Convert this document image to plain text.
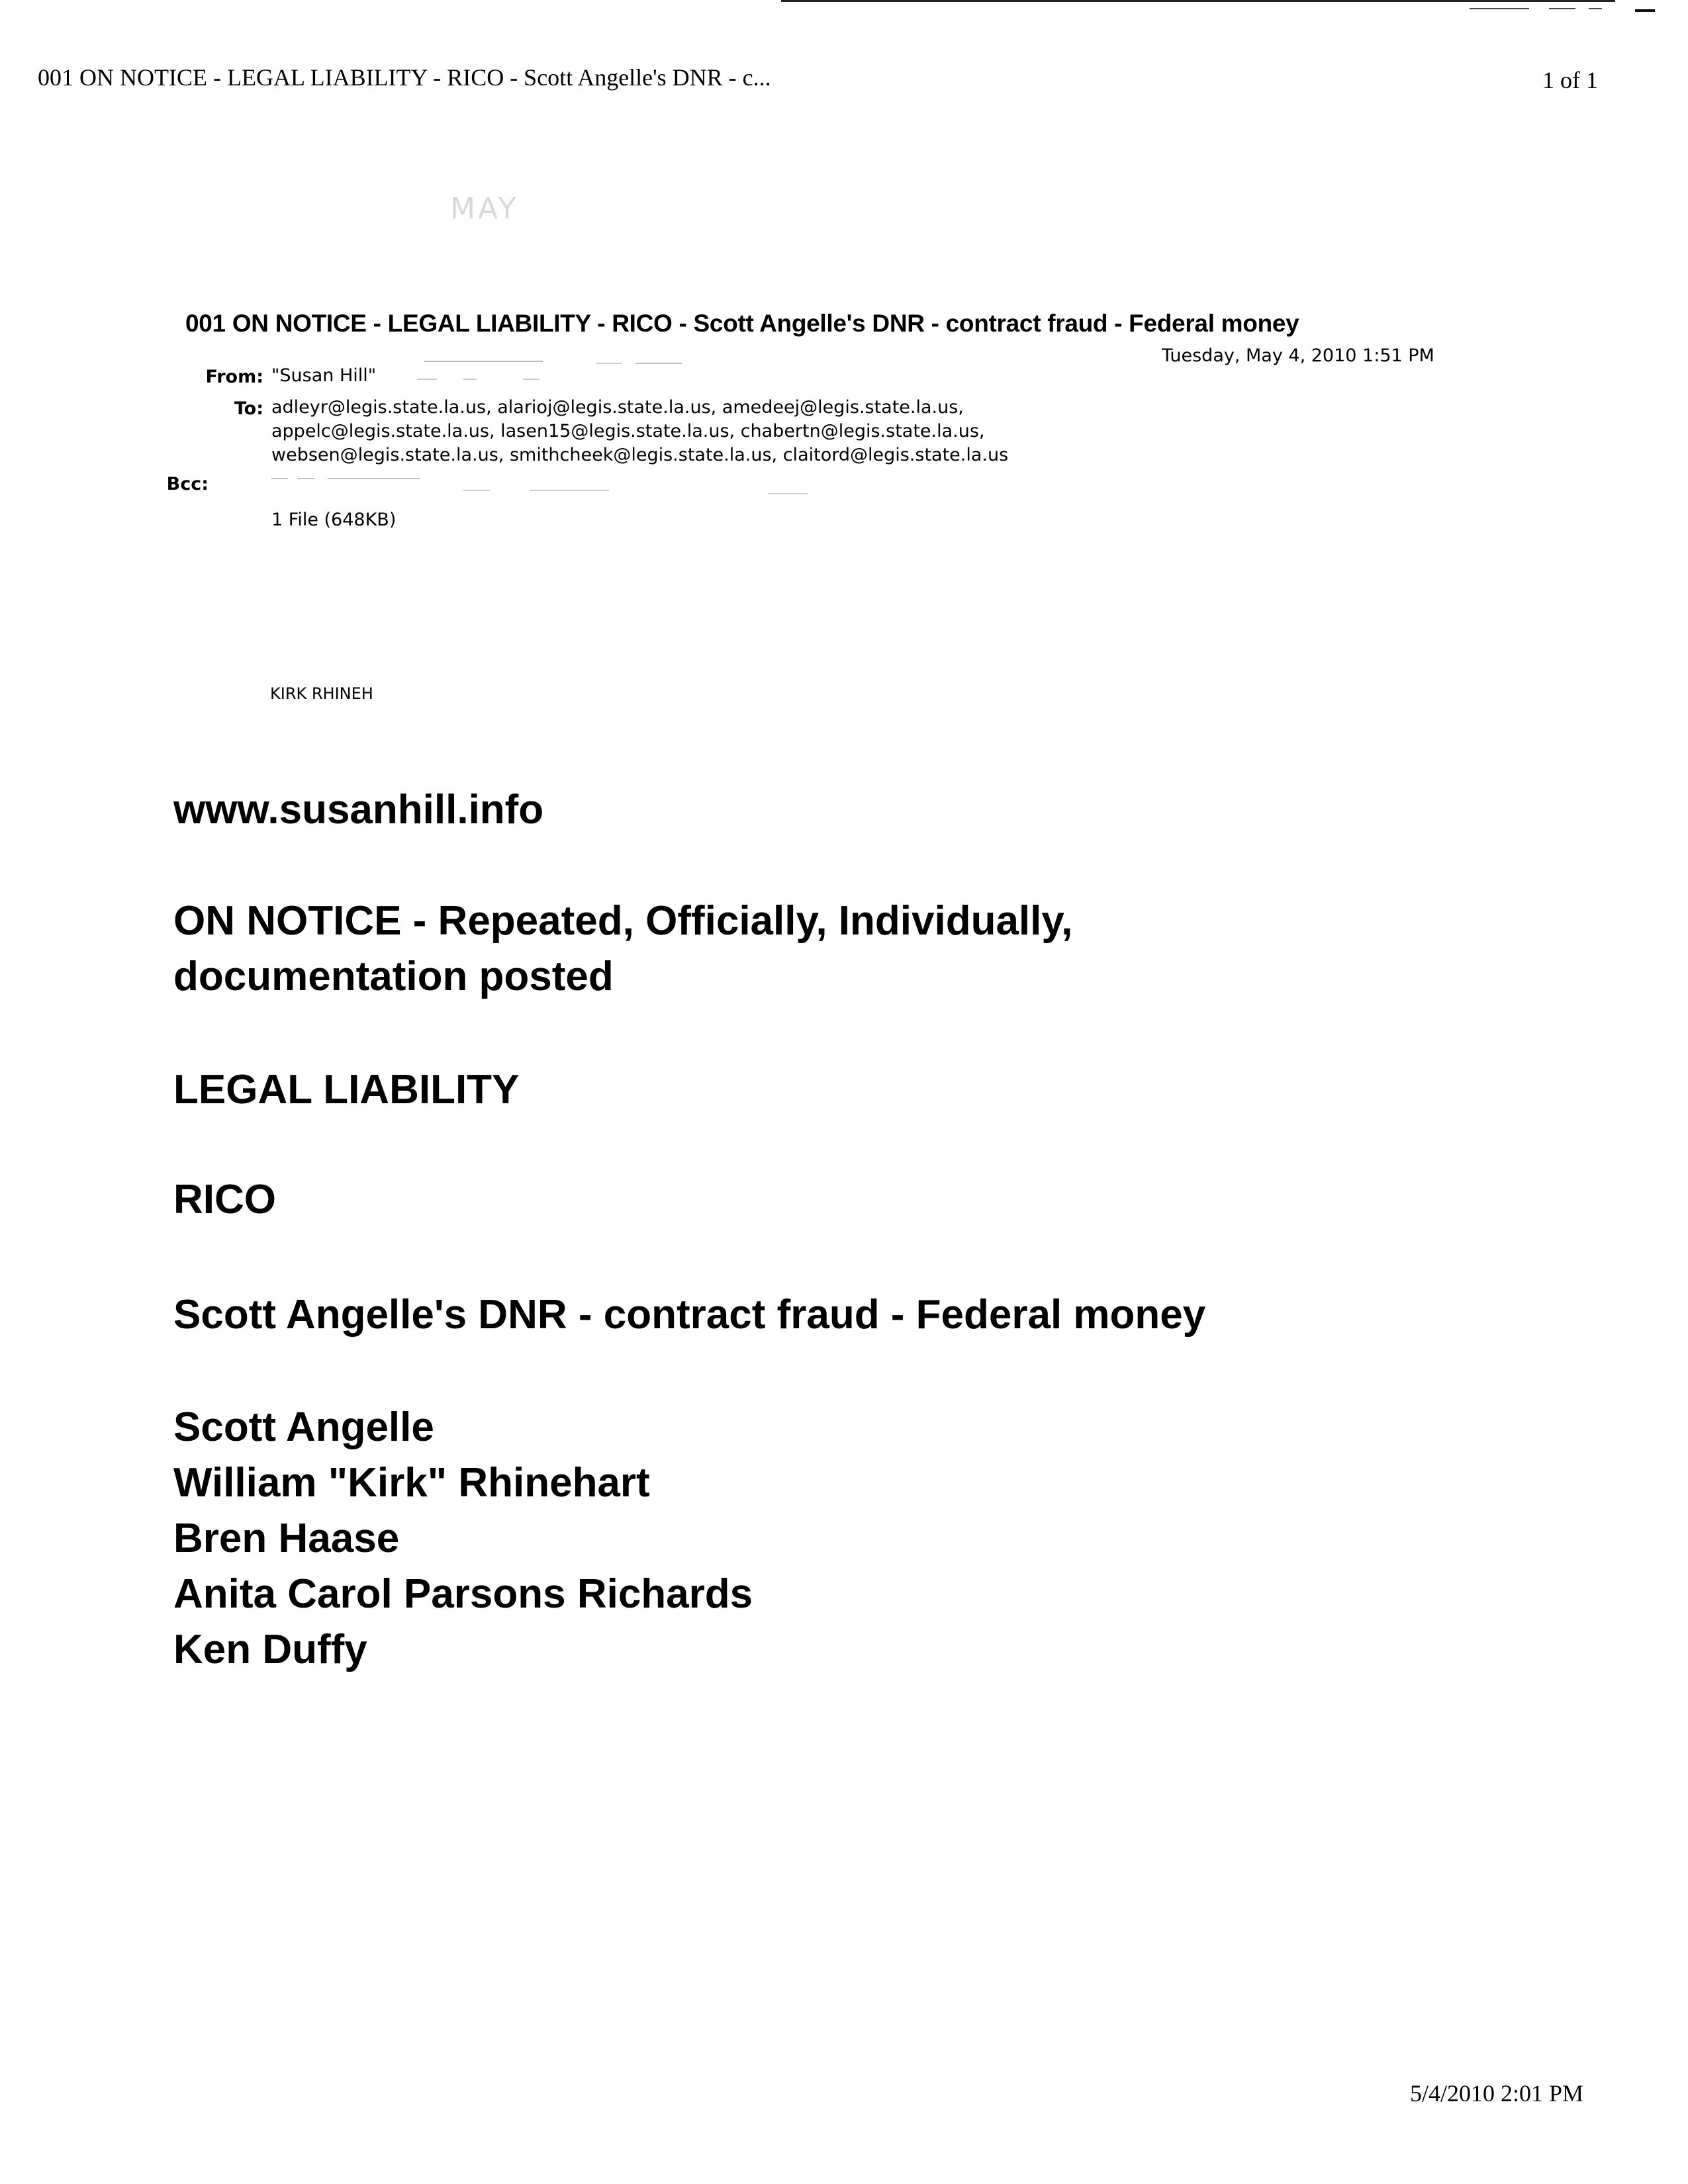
001 ON NOTICE - LEGAL LIABILITY - RICO - Scott Angelle's DNR - c...	1 of 1
MAY
001 ON NOTICE - LEGAL LIABILITY - RICO - Scott Angelle's DNR - contract fraud - Federal money
Tuesday, May 4, 2010 1:51 PM
From: "Susan Hill"
To: adleyr@legis.state.la.us, alarioj@legis.state.la.us, amedeej@legis.state.la.us,
appelc@legis.state.la.us, lasen15@legis.state.la.us, chabertn@legis.state.la.us,
websen@legis.state.la.us, smithcheek@legis.state.la.us, claitord@legis.state.la.us
Bcc:
1 File (648KB)
KIRK RHINEH
www.susanhill.info
ON NOTICE - Repeated, Officially, Individually,
documentation posted
LEGAL LIABILITY
RICO
Scott Angelle's DNR - contract fraud - Federal money
Scott Angelle
William "Kirk" Rhinehart
Bren Haase
Anita Carol Parsons Richards
Ken Duffy
5/4/2010 2:01 PM
